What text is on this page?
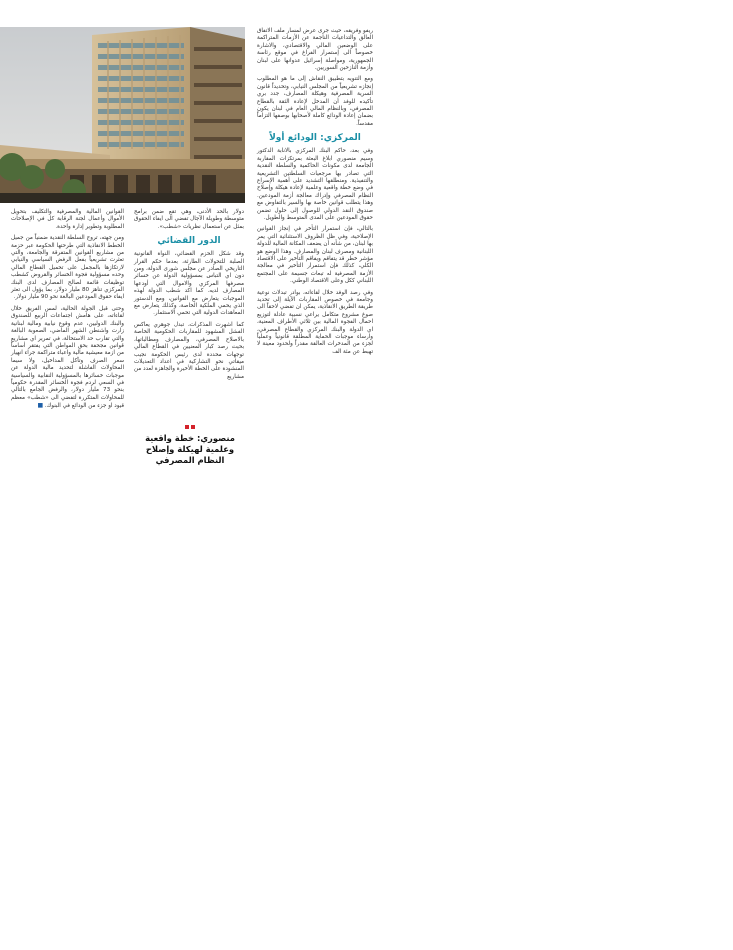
ريفو وفريقه، حيث جرى عرض لمسار ملف الاتفاق العالق والتداعيات الناجمة عن الأزمات المتراكمة على الوضعين المالي والاقتصادي، والاشارة خصوصاً الى إستمرار الفراغ في موقع رئاسة الجمهورية، ومواصلة إسرائيل عدوانها على لبنان وأزمة النازحين السوريين.

ومع التنويه بتطبيق النقاش إلى ما هو المطلوب إنجازه تشريعياً من المجلس النيابي، وتحديداً قانون السرية المصرفية وهيكلة المصارف، جدد بري تأكيده للوفد أن المدخل لإعادة الثقة بالقطاع المصرفي، وبالنظام المالي العام في لبنان يكون بضمان إعادة الودائع كاملة لأصحابها بوصفها التزاماً مقدساً.

المركزي: الودائع أولاً

وفي بعد، حاكم البنك المركزي بالانابة الدكتور وسيم منصوري ابلاغ البعثة بمرتكزات المقاربة الجامعة لدى مكونات الحاكمية والسلطة النقدية التي تصادر بها مرجعيات السلطتين التشريعية والتنفيذية. ومنطلقها التشديد على أهمية الإسراع في وضع خطة واقعية وعلمية لإعادة هيكلة وإصلاح النظام المصرفي وإدراك معالجة أزمة المودعين. وهذا يتطلب قوانين خاصة بها والسير بالتفاوض مع صندوق النقد الدولي للوصول إلى حلول تضمن حقوق المودعين على المدى المتوسط والطويل.

بالتالي، فإن استمرار التأخر في إنجاز القوانين الإصلاحية، وفي ظل الظروف الاستثنائية التي يمر بها لبنان، من شأنه أن يضعف المكانة المالية للدولة اللبنانية ومصرف لبنان والمصارف. وهذا الوضع هو مؤشر خطر قد يتفاقم ويفاقم التأخير على الاقتصاد الكلي، كذلك فإن استمرار التأخير في معالجة الأزمة المصرفية له تبعات جسيمة على المجتمع اللبناني ككل وعلى الاقتصاد الوطني.

وفي رصد الوفد خلال لقاءاته، بوادر تبدلات نوعية وجامعة في خصوص المقاربات الآيلة إلى تحديد طريقة الطريق الانقاذية، يمكن ان تفضي لاحقاً الى صوغ مشروع متكامل يراعي نسبية عادلة لتوزيع احمال الفجوة المالية بين ثلاثي الأطراف المعنية، اي الدولة والبنك المركزي والقطاع المصرفي، وارساء موجبات الحماية المطلقة قانونياً وعملياً لجزء من المدخرات العالقة مقدراً ولحدود معينة لا تهبط عن مئة الف

دولار بالحد الأدنى، وهي تقع ضمن برامج متوسطة وطويلة الآجال تفضي الى ايفاء الحقوق بمثل عن استعمال نظريات «شطب».

الدور القضائي

وقد شكل الحزم القضائي، النواة القانونية الصلبة للتحولات الطارئة، بعدما حكم القرار التاريخي الصادر عن مجلس شورى الدولة، ومن دون اي التباس بمسؤولية الدولة عن خسائر مصرفها المركزي والاموال التي أودعها المصارف لديه. كما اكد شطب الدولة لهذه الموجبات يتعارض مع القوانين، ومع الدستور الذي يحمي الملكية الخاصة، وكذلك يتعارض مع المعاهدات الدولية التي تحمي الاستثمار.

كما اشهرت المذكرات، تبدل جوهري يعاكس الفشل المشهود للمقاربات الحكومية الخاصة بالاصلاح المصرفي، والمصارف ومطالباتها، بحيث رصد كبار المعنيين في القطاع المالي توجهات محددة لدى رئيس الحكومة نجيب ميقاتي نحو التشاركية في اعداد التعديلات المنشودة على الخطة الأخيرة والجاهزة لعدد من مشاريع

منصوري: خطة واقعية وعلمية لهيكلة وإصلاح النظام المصرفي

القوانين المالية والمصرفية والتكليف بتحويل الأموال وأعمال لجنة الرقابة كل في الإصلاحات المطلوبة وتطوير إدارة واحدة.

ومن جهته، تروج السلطة النقدية ضمنياً من جميل الخطط الانقاذية التي طرحتها الحكومة عبر حزمة من مشاريع القوانين المتفرقة والجامعة، والتي تعثرت تشريعياً بفعل الرفض السياسي والنيابي لارتكازها بالمجمل على تحميل القطاع المالي وحده مسؤولية فجوة الخسائر والقروض كشطب توظيفات قائمة لصالح المصارف لدى البنك المركزي تناهز 80 مليار دولار، بما يؤول الى تعثر ايفاء حقوق المودعين البالغة نحو 90 مليار دولار.

وحتى قبل الجولة الحالية، لمس الفريق خلال لقاءاته، على هامش اجتماعات الربيع للصندوق والبنك الدوليين، عدم وقوع نيابية ومالية لبنانية زارت واشنطن الشهر الماضي، الصعوبة البالغة والتي تقارب حد الاستحالة، في تمرير اي مشاريع قوانين مجحفة بحق المواطن التي يفتقر أساساً من ازمة معيشية مالية واعباء متراكمة جراء انهيار سعر الصرف وتآكل المداخيل، ولا سيما المحاولات الفاشلة لتحديد مالية الدولة عن موجبات خسائرها بالمسؤولية النقابية والسياسية في السعي لردم فجوة الخسائر المقدرة حكومياً بنحو 73 مليار دولار، والرفض الجامع بالتالي للمحاولات المتكررة لتفضي الى «شطب» معظم قيود او جزء من الودائع في البنوك. ■
